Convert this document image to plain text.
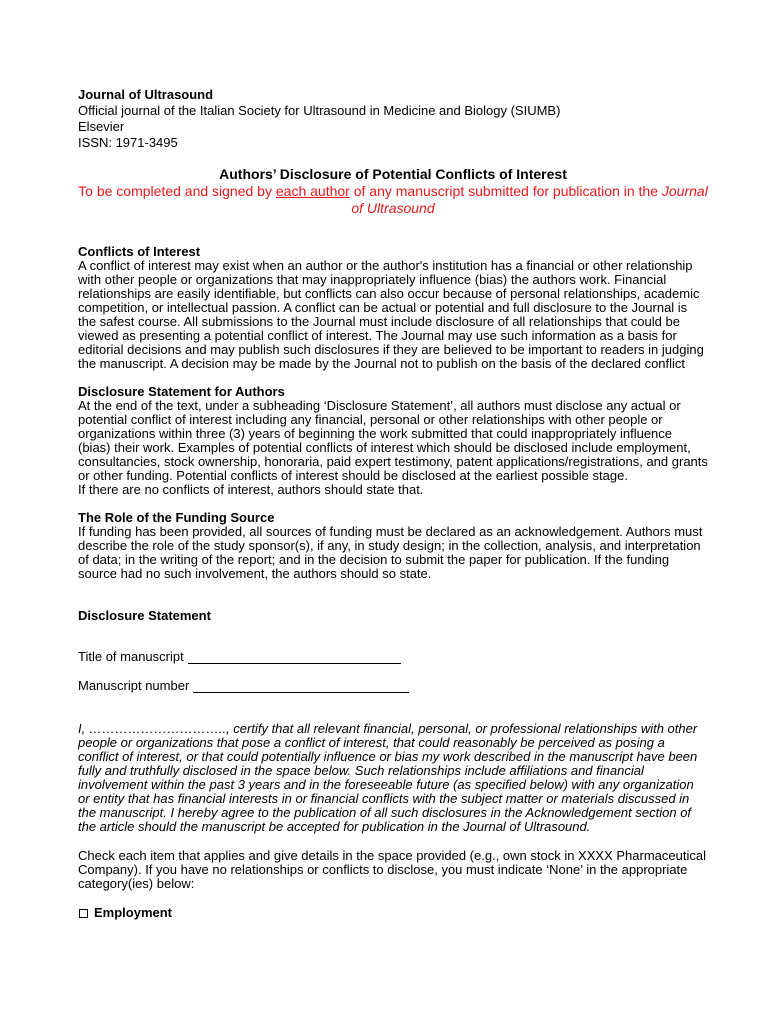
Journal of Ultrasound
Official journal of the Italian Society for Ultrasound in Medicine and Biology (SIUMB)
Elsevier
ISSN: 1971-3495
Authors’ Disclosure of Potential Conflicts of Interest
To be completed and signed by each author of any manuscript submitted for publication in the Journal of Ultrasound
Conflicts of Interest

A conflict of interest may exist when an author or the author's institution has a financial or other relationship with other people or organizations that may inappropriately influence (bias) the authors work. Financial relationships are easily identifiable, but conflicts can also occur because of personal relationships, academic competition, or intellectual passion. A conflict can be actual or potential and full disclosure to the Journal is the safest course. All submissions to the Journal must include disclosure of all relationships that could be viewed as presenting a potential conflict of interest. The Journal may use such information as a basis for editorial decisions and may publish such disclosures if they are believed to be important to readers in judging the manuscript. A decision may be made by the Journal not to publish on the basis of the declared conflict

Disclosure Statement for Authors

At the end of the text, under a subheading ‘Disclosure Statement’, all authors must disclose any actual or potential conflict of interest including any financial, personal or other relationships with other people or organizations within three (3) years of beginning the work submitted that could inappropriately influence (bias) their work. Examples of potential conflicts of interest which should be disclosed include employment, consultancies, stock ownership, honoraria, paid expert testimony, patent applications/registrations, and grants or other funding. Potential conflicts of interest should be disclosed at the earliest possible stage.

If there are no conflicts of interest, authors should state that.

The Role of the Funding Source

If funding has been provided, all sources of funding must be declared as an acknowledgement. Authors must describe the role of the study sponsor(s), if any, in study design; in the collection, analysis, and interpretation of data; in the writing of the report; and in the decision to submit the paper for publication. If the funding source had no such involvement, the authors should so state.

Disclosure Statement
Title of manuscript
Manuscript number

I, ………………………….., certify that all relevant financial, personal, or professional relationships with other people or organizations that pose a conflict of interest, that could reasonably be perceived as posing a conflict of interest, or that could potentially influence or bias my work described in the manuscript have been fully and truthfully disclosed in the space below. Such relationships include affiliations and financial involvement within the past 3 years and in the foreseeable future (as specified below) with any organization or entity that has financial interests in or financial conflicts with the subject matter or materials discussed in the manuscript. I hereby agree to the publication of all such disclosures in the Acknowledgement section of the article should the manuscript be accepted for publication in the Journal of Ultrasound.

Check each item that applies and give details in the space provided (e.g., own stock in XXXX Pharmaceutical Company). If you have no relationships or conflicts to disclose, you must indicate ‘None’ in the appropriate category(ies) below:

Employment
